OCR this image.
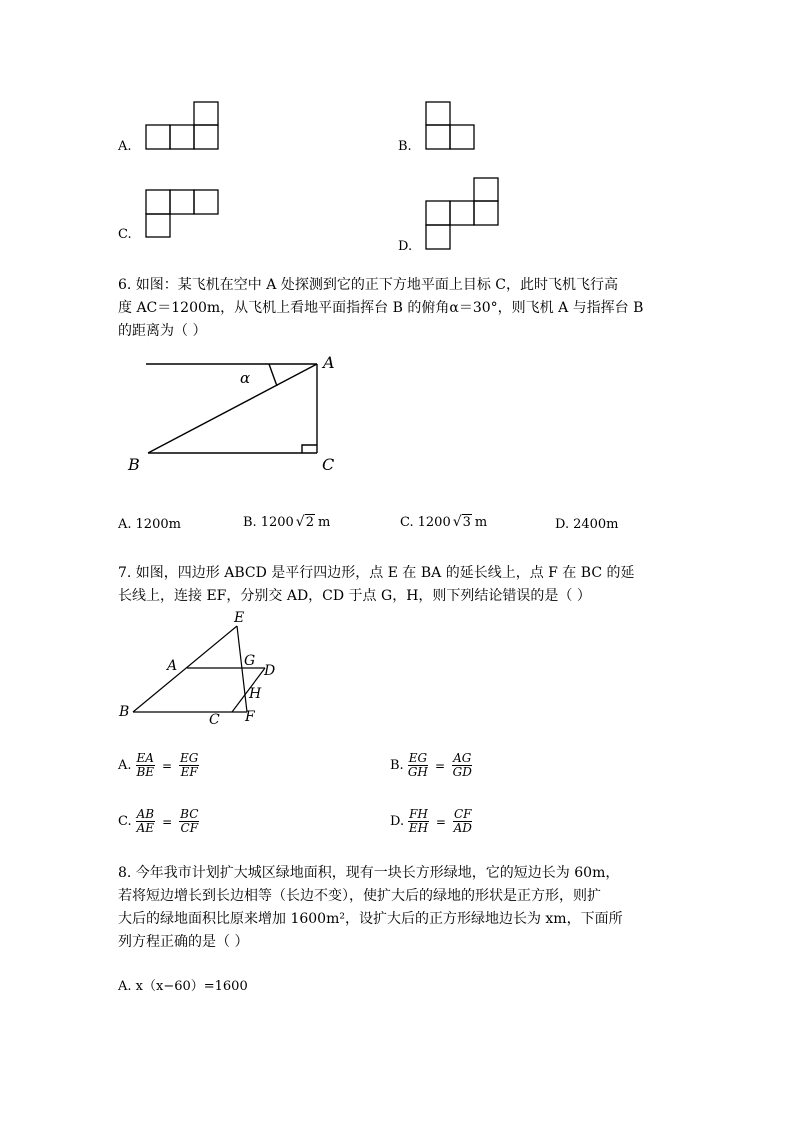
A.	B.
C.
D.
6. 如图：某飞机在空中 A 处探测到它的正下方地平面上目标 C，此时飞机飞行高
度 AC＝1200m，从飞机上看地平面指挥台 B 的俯角α＝30°，则飞机 A 与指挥台 B
的距离为（ ）
A
B	C
α
A. 1200m	B. 1200 √2 m	C. 1200 √3 m	D. 2400m
7. 如图，四边形 ABCD 是平行四边形，点 E 在 BA 的延长线上，点 F 在 BC 的延
长线上，连接 EF，分别交 AD，CD 于点 G，H，则下列结论错误的是（ ）
E
A	G
D
H
B	C F
A. $\frac{EA}{BE} = \frac{EG}{EF}$	B. $\frac{EG}{GH} = \frac{AG}{GD}$
C. $\frac{AB}{AE} = \frac{BC}{CF}$	D. $\frac{FH}{EH} = \frac{CF}{AD}$
8. 今年我市计划扩大城区绿地面积，现有一块长方形绿地，它的短边长为 60m，
若将短边增长到长边相等（长边不变），使扩大后的绿地的形状是正方形，则扩
大后的绿地面积比原来增加 1600m²，设扩大后的正方形绿地边长为 xm，下面所
列方程正确的是（ ）
A. x（x−60）=1600
